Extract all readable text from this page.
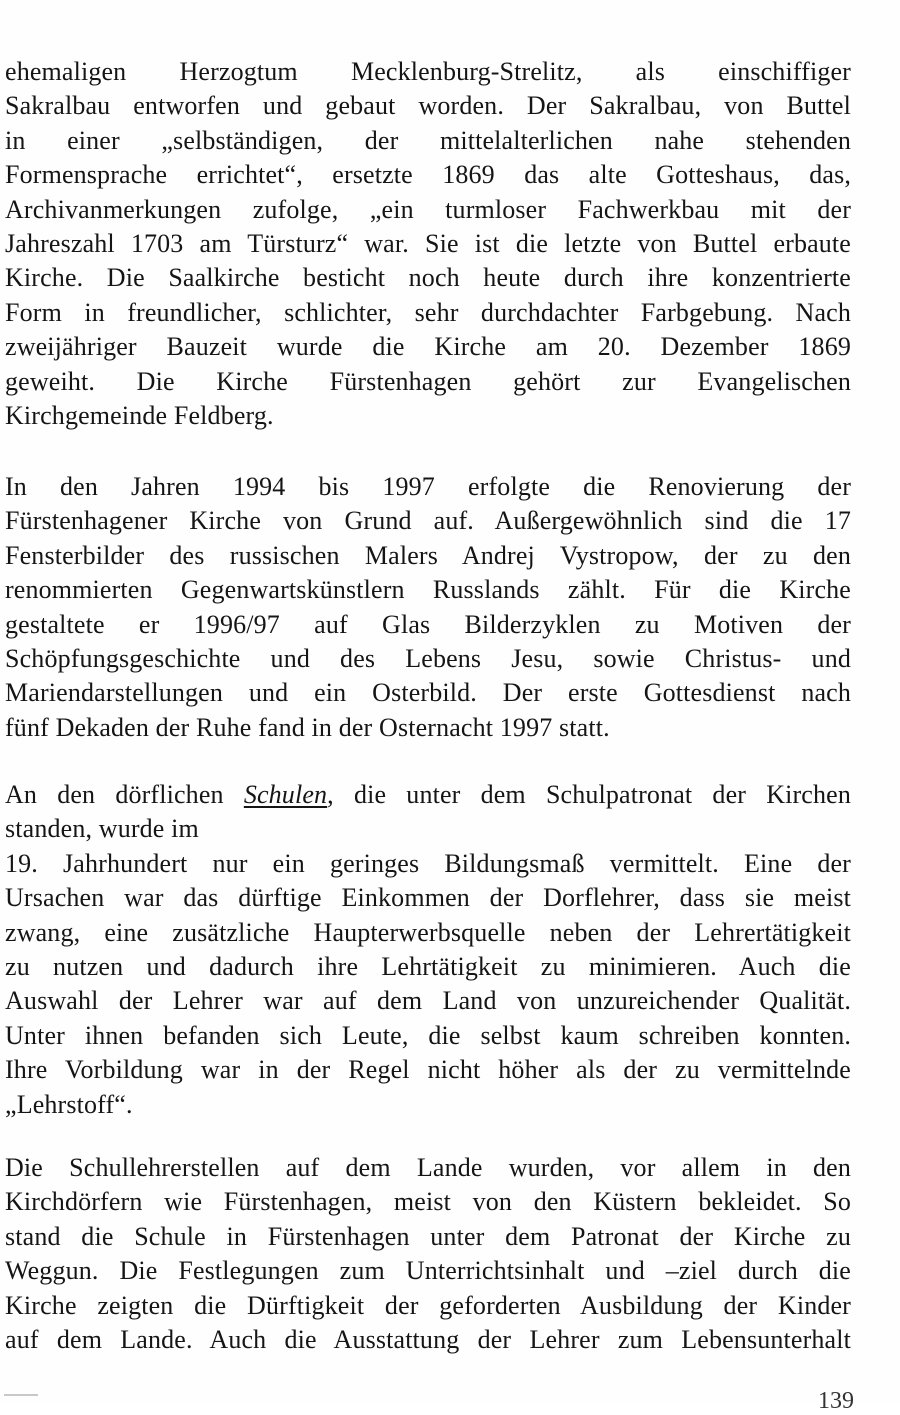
ehemaligen Herzogtum Mecklenburg-Strelitz, als einschiffiger
Sakralbau entworfen und gebaut worden. Der Sakralbau, von Buttel
in einer „selbständigen, der mittelalterlichen nahe stehenden
Formensprache errichtet“, ersetzte 1869 das alte Gotteshaus, das,
Archivanmerkungen zufolge, „ein turmloser Fachwerkbau mit der
Jahreszahl 1703 am Türsturz“ war. Sie ist die letzte von Buttel erbaute
Kirche. Die Saalkirche besticht noch heute durch ihre konzentrierte
Form in freundlicher, schlichter, sehr durchdachter Farbgebung. Nach
zweijähriger Bauzeit wurde die Kirche am 20. Dezember 1869
geweiht. Die Kirche Fürstenhagen gehört zur Evangelischen
Kirchgemeinde Feldberg.
In den Jahren 1994 bis 1997 erfolgte die Renovierung der
Fürstenhagener Kirche von Grund auf. Außergewöhnlich sind die 17
Fensterbilder des russischen Malers Andrej Vystropow, der zu den
renommierten Gegenwartskünstlern Russlands zählt. Für die Kirche
gestaltete er 1996/97 auf Glas Bilderzyklen zu Motiven der
Schöpfungsgeschichte und des Lebens Jesu, sowie Christus- und
Mariendarstellungen und ein Osterbild. Der erste Gottesdienst nach
fünf Dekaden der Ruhe fand in der Osternacht 1997 statt.
An den dörflichen Schulen, die unter dem Schulpatronat der Kirchen
standen, wurde im
19. Jahrhundert nur ein geringes Bildungsmaß vermittelt. Eine der
Ursachen war das dürftige Einkommen der Dorflehrer, dass sie meist
zwang, eine zusätzliche Haupterwerbsquelle neben der Lehrertätigkeit
zu nutzen und dadurch ihre Lehrtätigkeit zu minimieren. Auch die
Auswahl der Lehrer war auf dem Land von unzureichender Qualität.
Unter ihnen befanden sich Leute, die selbst kaum schreiben konnten.
Ihre Vorbildung war in der Regel nicht höher als der zu vermittelnde
„Lehrstoff“.
Die Schullehrerstellen auf dem Lande wurden, vor allem in den
Kirchdörfern wie Fürstenhagen, meist von den Küstern bekleidet. So
stand die Schule in Fürstenhagen unter dem Patronat der Kirche zu
Weggun. Die Festlegungen zum Unterrichtsinhalt und –ziel durch die
Kirche zeigten die Dürftigkeit der geforderten Ausbildung der Kinder
auf dem Lande. Auch die Ausstattung der Lehrer zum Lebensunterhalt
139
